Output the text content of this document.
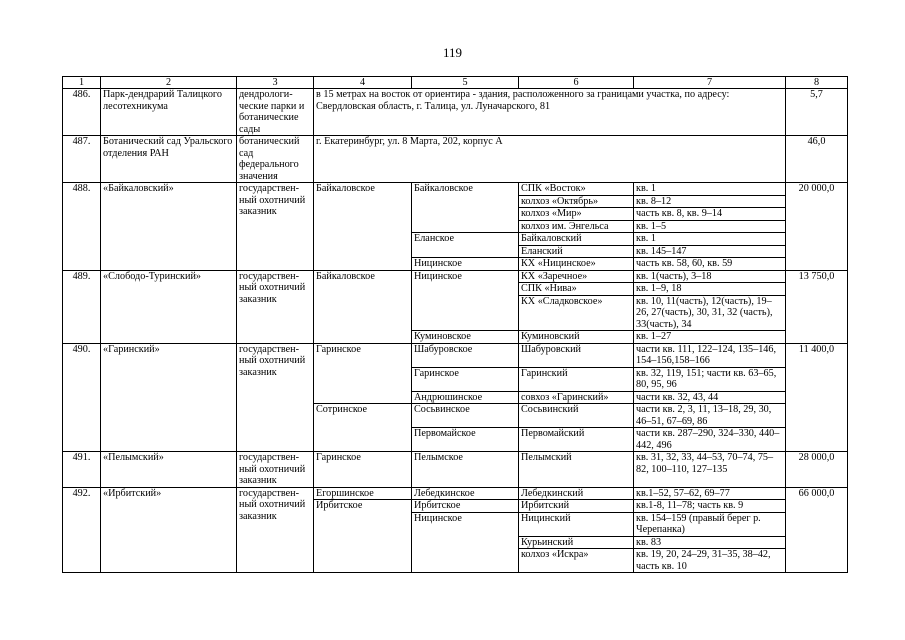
119
1	2	3	4	5	6	7	8
486.	Парк-дендрарий Талицкого лесотехникума	дендрологи-ческие парки и ботанические сады	в 15 метрах на восток от ориентира - здания, расположенного за границами участка, по адресу: Свердловская область, г. Талица, ул. Луначарского, 81				5,7
487.	Ботанический сад Уральского отделения РАН	ботанический сад федерального значения	г. Екатеринбург, ул. 8 Марта, 202, корпус А				46,0
488.	«Байкаловский»	государствен-ный охотничий заказник	Байкаловское	Байкаловское	СПК «Восток»	кв. 1	20 000,0
					колхоз «Октябрь»	кв. 8–12	
					колхоз «Мир»	часть кв. 8, кв. 9–14	
					колхоз им. Энгельса	кв. 1–5	
				Еланское	Байкаловский	кв. 1	
					Еланский	кв. 145–147	
				Ницинское	КХ «Ницинское»	часть кв. 58, 60, кв. 59	
489.	«Слободо-Туринский»	государствен-ный охотничий заказник	Байкаловское	Ницинское	КХ «Заречное»	кв. 1(часть), 3–18	13 750,0
					СПК «Нива»	кв. 1–9, 18	
					КХ «Сладковское»	кв. 10, 11(часть), 12(часть), 19–26, 27(часть), 30, 31, 32 (часть), 33(часть), 34	
				Куминовское	Куминовский	кв. 1–27	
490.	«Гаринский»	государствен-ный охотничий заказник	Гаринское	Шабуровское	Шабуровский	части кв. 111, 122–124, 135–146, 154–156,158–166	11 400,0
				Гаринское	Гаринский	кв. 32, 119, 151; части кв. 63–65, 80, 95, 96	
				Андрюшинское	совхоз «Гаринский»	части кв. 32, 43, 44	
			Сотринское	Сосьвинское	Сосьвинский	части кв. 2, 3, 11, 13–18, 29, 30, 46–51, 67–69, 86	
				Первомайское	Первомайский	части кв. 287–290, 324–330, 440–442, 496	
491.	«Пелымский»	государствен-ный охотничий заказник	Гаринское	Пелымское	Пелымский	кв. 31, 32, 33, 44–53, 70–74, 75–82, 100–110, 127–135	28 000,0
492.	«Ирбитский»	государствен-ный охотничий заказник	Егоршинское	Лебедкинское	Лебедкинский	кв.1–52, 57–62, 69–77	66 000,0
			Ирбитское	Ирбитское	Ирбитский	кв.1-8, 11–78; часть кв. 9	
				Ницинское	Ницинский	кв. 154–159 (правый берег р. Черепанка)	
					Курьинский	кв. 83	
					колхоз «Искра»	кв. 19, 20, 24–29, 31–35, 38–42, часть кв. 10	
